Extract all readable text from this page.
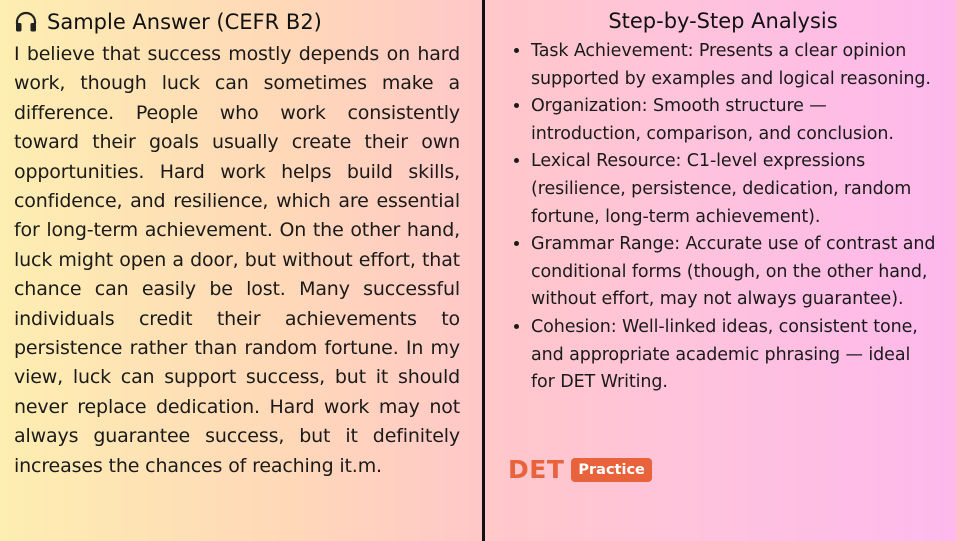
Sample Answer (CEFR B2)
I believe that success mostly depends on hard work, though luck can sometimes make a difference. People who work consistently toward their goals usually create their own opportunities. Hard work helps build skills, confidence, and resilience, which are essential for long-term achievement. On the other hand, luck might open a door, but without effort, that chance can easily be lost. Many successful individuals credit their achievements to persistence rather than random fortune. In my view, luck can support success, but it should never replace dedication. Hard work may not always guarantee success, but it definitely increases the chances of reaching it.m.
Step-by-Step Analysis
• Task Achievement: Presents a clear opinion supported by examples and logical reasoning.
• Organization: Smooth structure — introduction, comparison, and conclusion.
• Lexical Resource: C1-level expressions (resilience, persistence, dedication, random fortune, long-term achievement).
• Grammar Range: Accurate use of contrast and conditional forms (though, on the other hand, without effort, may not always guarantee).
• Cohesion: Well-linked ideas, consistent tone, and appropriate academic phrasing — ideal for DET Writing.
DET Practice
